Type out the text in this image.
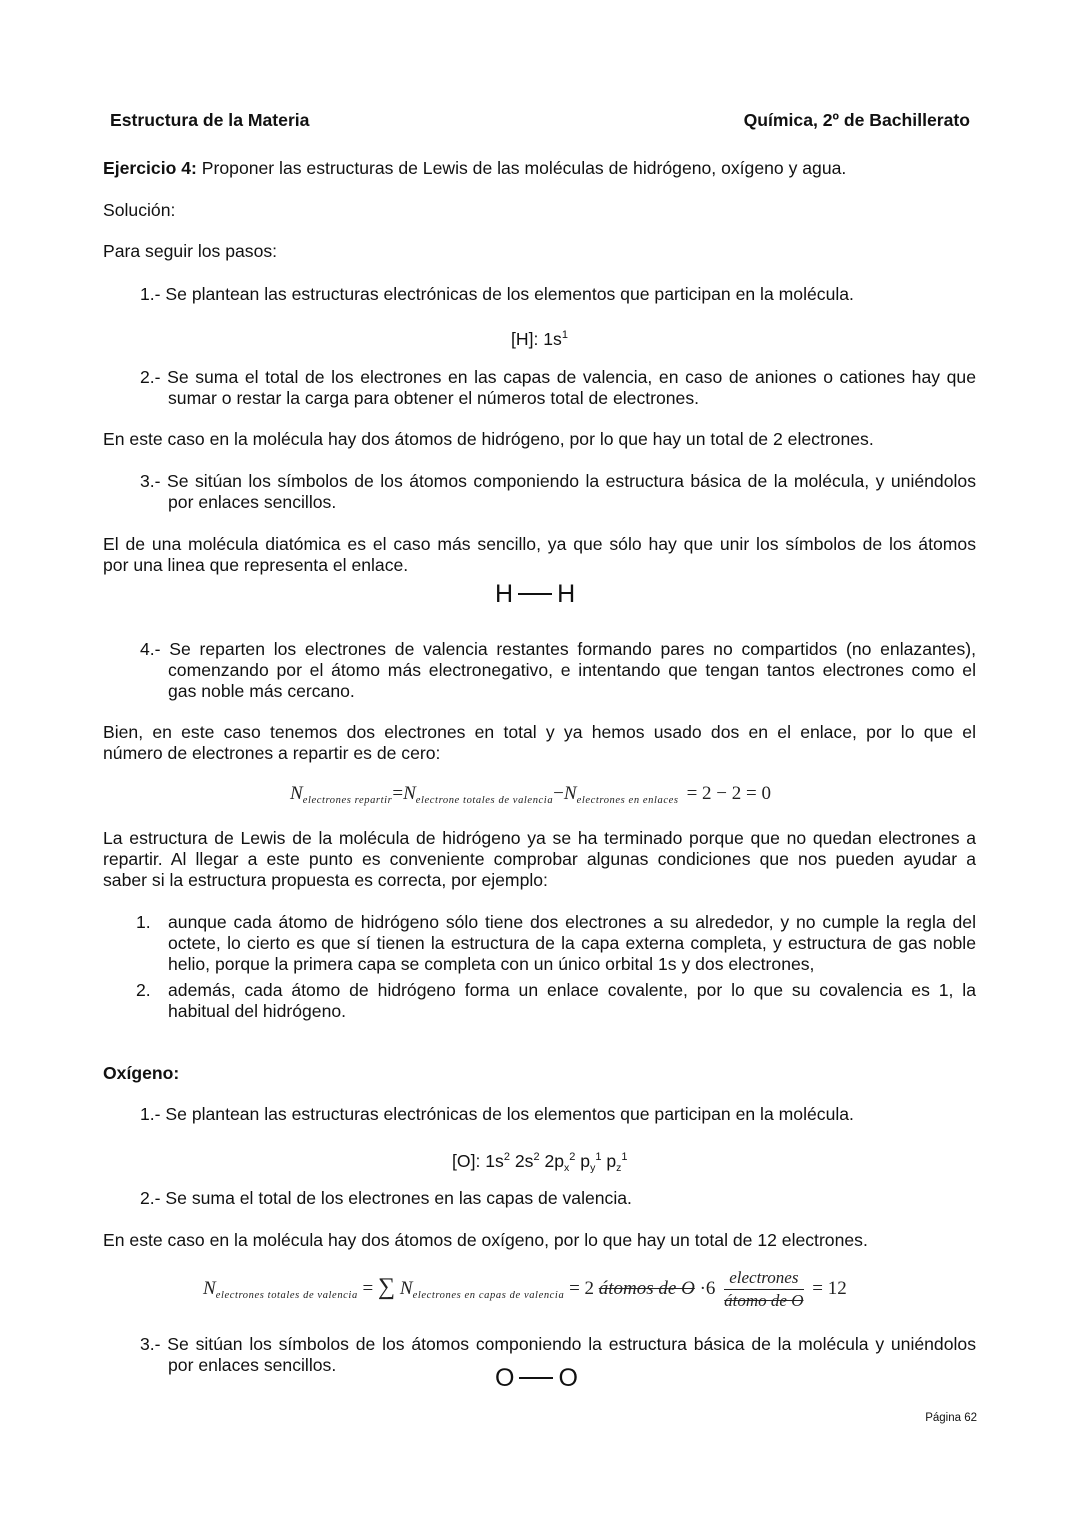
Estructura de la Materia	Química, 2º de Bachillerato
Ejercicio 4: Proponer las estructuras de Lewis de las moléculas de hidrógeno, oxígeno y agua.
Solución:
Para seguir los pasos:
1.- Se plantean las estructuras electrónicas de los elementos que participan en la molécula.
[H]: $1s^1$
2.- Se suma el total de los electrones en las capas de valencia, en caso de aniones o cationes hay que
sumar o restar la carga para obtener el números total de electrones.
En este caso en la molécula hay dos átomos de hidrógeno, por lo que hay un total de 2 electrones.
3.- Se sitúan los símbolos de los átomos componiendo la estructura básica de la molécula, y uniéndolos
por enlaces sencillos.
El de una molécula diatómica es el caso más sencillo, ya que sólo hay que unir los símbolos de los átomos
por una linea que representa el enlace.
H H
4.- Se reparten los electrones de valencia restantes formando pares no compartidos (no enlazantes),
comenzando por el átomo más electronegativo, e intentando que tengan tantos electrones como el
gas noble más cercano.
Bien, en este caso tenemos dos electrones en total y ya hemos usado dos en el enlace, por lo que el
número de electrones a repartir es de cero:
$N_{electrones repartir}=N_{electrone totales de valencia}-N_{electrones en enlaces} = 2 - 2 = 0$
La estructura de Lewis de la molécula de hidrógeno ya se ha terminado porque que no quedan electrones a
repartir. Al llegar a este punto es conveniente comprobar algunas condiciones que nos pueden ayudar a
saber si la estructura propuesta es correcta, por ejemplo:
1. aunque cada átomo de hidrógeno sólo tiene dos electrones a su alrededor, y no cumple la regla del
octete, lo cierto es que sí tienen la estructura de la capa externa completa, y estructura de gas noble
helio, porque la primera capa se completa con un único orbital 1s y dos electrones,
2. además, cada átomo de hidrógeno forma un enlace covalente, por lo que su covalencia es 1, la
habitual del hidrógeno.
Oxígeno:
1.- Se plantean las estructuras electrónicas de los elementos que participan en la molécula.
[O]: $1s^2$ $2s^2$ $2p_x^2$ $p_y^1$ $p_z^1$
2.- Se suma el total de los electrones en las capas de valencia.
En este caso en la molécula hay dos átomos de oxígeno, por lo que hay un total de 12 electrones.
$N_{electrones totales de valencia}$ = ∑ $N_{electrones en capas de valencia} = 2$ átomos de $O \cdot 6 \frac{\text{electrones}}{\text{átomo de O}} = 12$
3.- Se sitúan los símbolos de los átomos componiendo la estructura básica de la molécula y uniéndolos
por enlaces sencillos.	O O
Página 62
